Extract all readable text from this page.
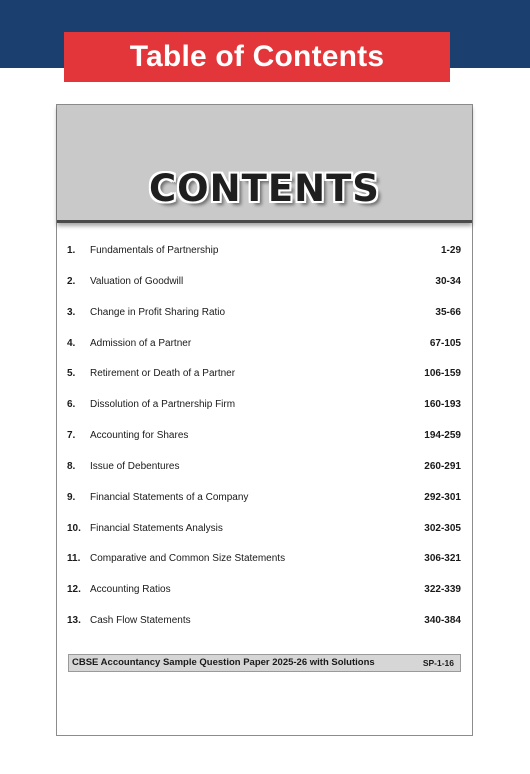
Table of Contents
CONTENTS
1. Fundamentals of Partnership	1-29
2. Valuation of Goodwill	30-34
3. Change in Profit Sharing Ratio	35-66
4. Admission of a Partner	67-105
5. Retirement or Death of a Partner	106-159
6. Dissolution of a Partnership Firm	160-193
7. Accounting for Shares	194-259
8. Issue of Debentures	260-291
9. Financial Statements of a Company	292-301
10. Financial Statements Analysis	302-305
11. Comparative and Common Size Statements	306-321
12. Accounting Ratios	322-339
13. Cash Flow Statements	340-384
CBSE Accountancy Sample Question Paper 2025-26 with Solutions	SP-1-16
